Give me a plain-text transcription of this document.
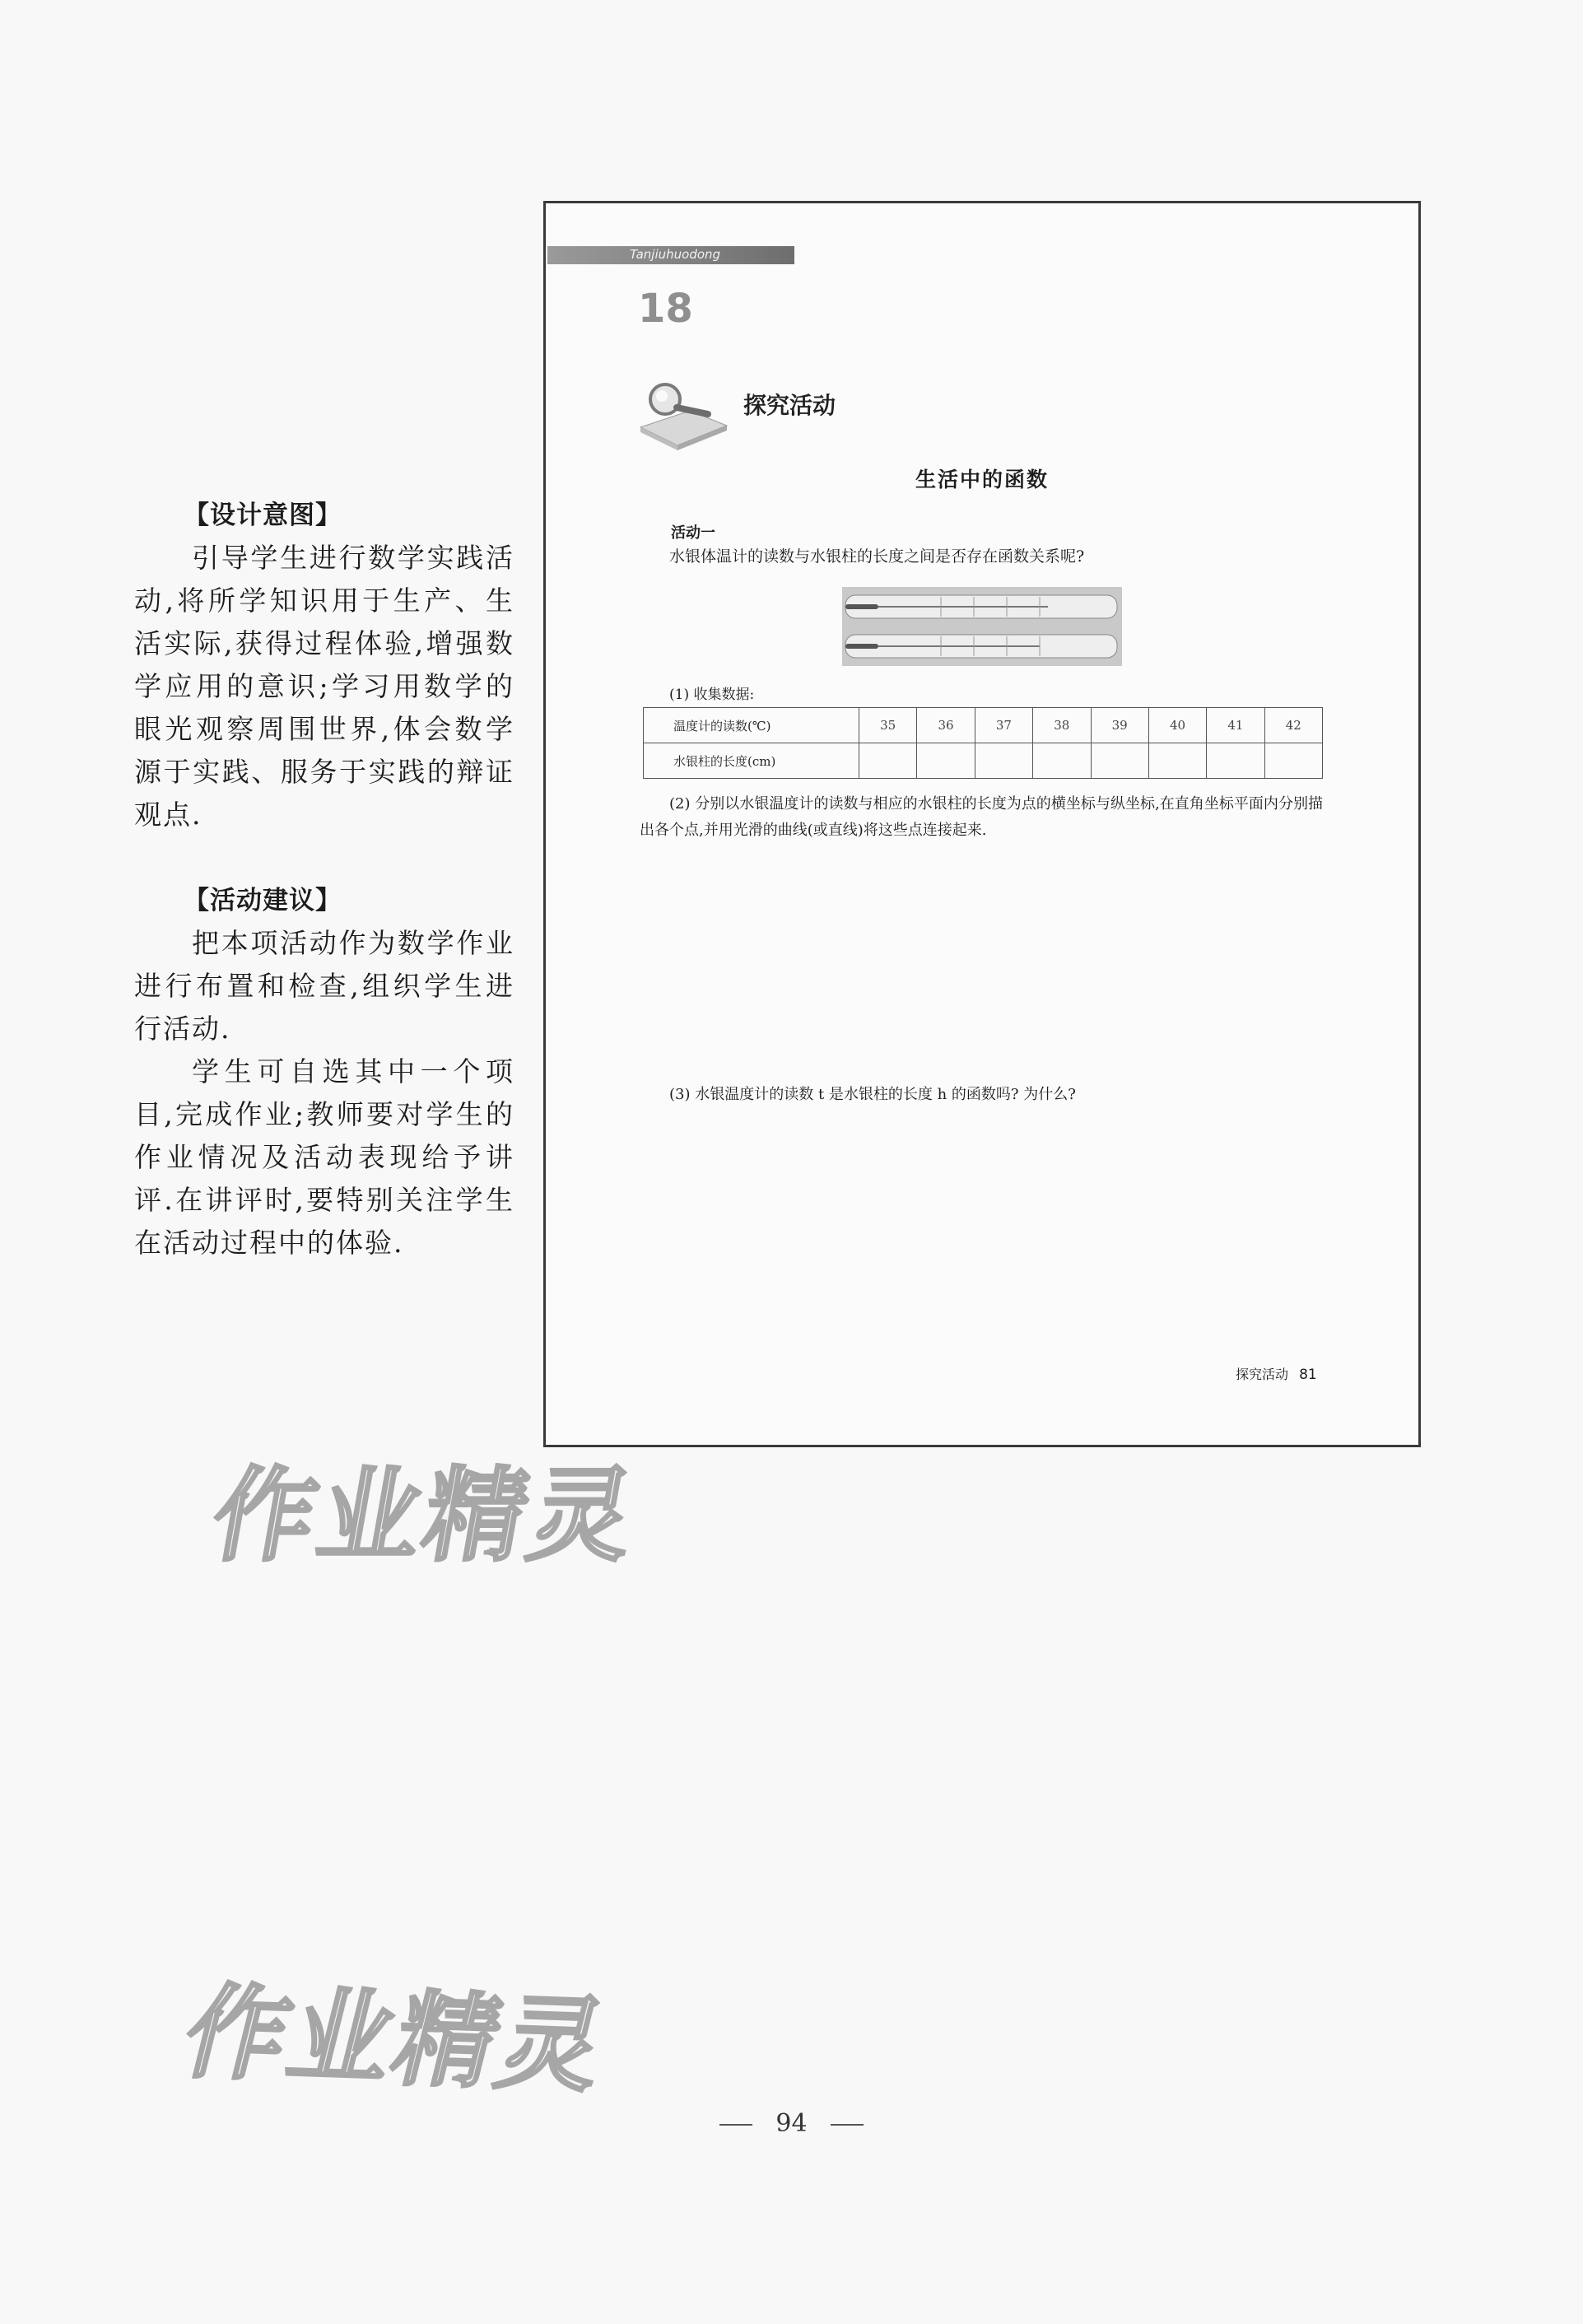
【设计意图】

引导学生进行数学实践活动,将所学知识用于生产、生活实际,获得过程体验,增强数学应用的意识;学习用数学的眼光观察周围世界,体会数学源于实践、服务于实践的辩证观点.

【活动建议】

把本项活动作为数学作业进行布置和检查,组织学生进行活动.

学生可自选其中一个项目,完成作业;教师要对学生的作业情况及活动表现给予讲评.在讲评时,要特别关注学生在活动过程中的体验.

Tanjiuhuodong
18
探究活动
生活中的函数
活动一
水银体温计的读数与水银柱的长度之间是否存在函数关系呢?
(1) 收集数据:
温度计的读数(℃)	35	36	37	38	39	40	41	42
水银柱的长度(cm)								
(2) 分别以水银温度计的读数与相应的水银柱的长度为点的横坐标与纵坐标,在直角坐标平面内分别描出各个点,并用光滑的曲线(或直线)将这些点连接起来.
(3) 水银温度计的读数 t 是水银柱的长度 h 的函数吗? 为什么?
探究活动 81
作业精灵
作业精灵
94
